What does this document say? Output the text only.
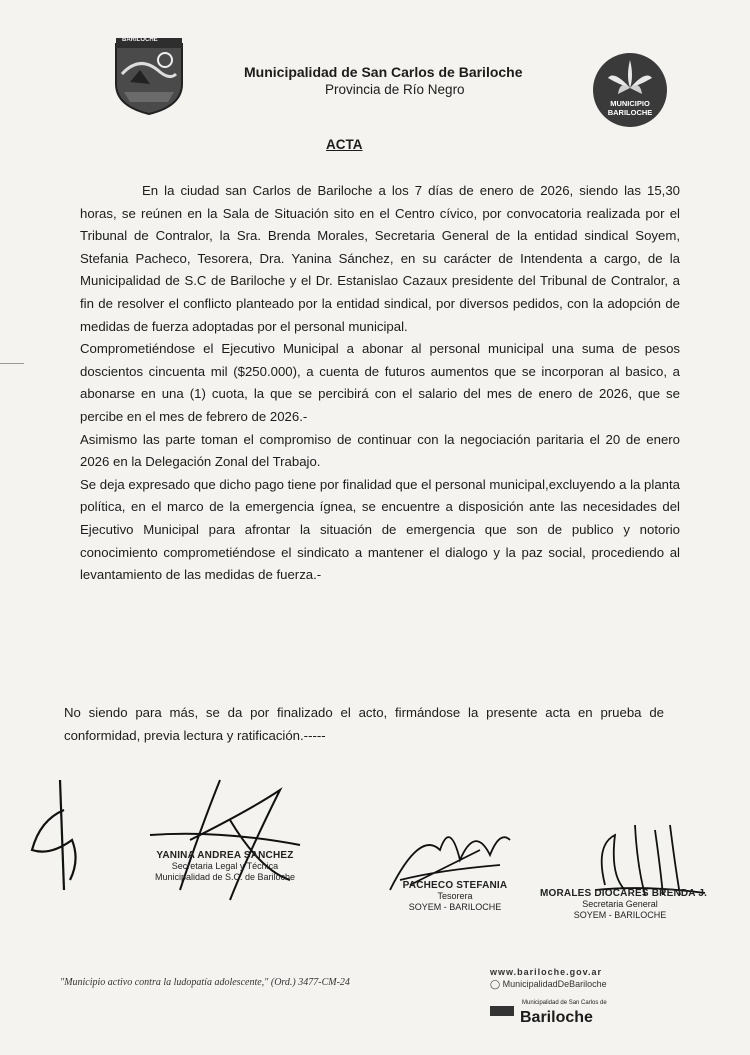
BARILOCHE
Municipalidad de San Carlos de Bariloche
Provincia de Río Negro
MUNICIPIO
BARILOCHE
ACTA

En la ciudad san Carlos de Bariloche a los 7 días de enero de 2026, siendo las 15,30 horas, se reúnen en la Sala de Situación sito en el Centro cívico, por convocatoria realizada por el Tribunal de Contralor, la Sra. Brenda Morales, Secretaria General de la entidad sindical Soyem, Stefania Pacheco, Tesorera, Dra. Yanina Sánchez, en su carácter de Intendenta a cargo, de la Municipalidad de S.C de Bariloche y el Dr. Estanislao Cazaux presidente del Tribunal de Contralor, a fin de resolver el conflicto planteado por la entidad sindical, por diversos pedidos, con la adopción de medidas de fuerza adoptadas por el personal municipal.

Comprometiéndose el Ejecutivo Municipal a abonar al personal municipal una suma de pesos doscientos cincuenta mil ($250.000), a cuenta de futuros aumentos que se incorporan al basico, a abonarse en una (1) cuota, la que se percibirá con el salario del mes de enero de 2026, que se percibe en el mes de febrero de 2026.-

Asimismo las parte toman el compromiso de continuar con la negociación paritaria el 20 de enero 2026 en la Delegación Zonal del Trabajo.

Se deja expresado que dicho pago tiene por finalidad que el personal municipal,excluyendo a la planta política, en el marco de la emergencia ígnea, se encuentre a disposición ante las necesidades del Ejecutivo Municipal para afrontar la situación de emergencia que son de publico y notorio conocimiento comprometiéndose el sindicato a mantener el dialogo y la paz social, procediendo al levantamiento de las medidas de fuerza.-

No siendo para más, se da por finalizado el acto, firmándose la presente acta en prueba de conformidad, previa lectura y ratificación.-----

YANINA ANDREA SANCHEZ
Secretaria Legal y Técnica
Municipalidad de S.C. de Bariloche
PACHECO STEFANIA
Tesorera
SOYEM - BARILOCHE
MORALES DIOCARES BRENDA J.
Secretaria General
SOYEM - BARILOCHE
"Municipio activo contra la ludopatía adolescente," (Ord.) 3477-CM-24
www.bariloche.gov.ar
◯ MunicipalidadDeBariloche
Municipalidad de San Carlos de
Bariloche
